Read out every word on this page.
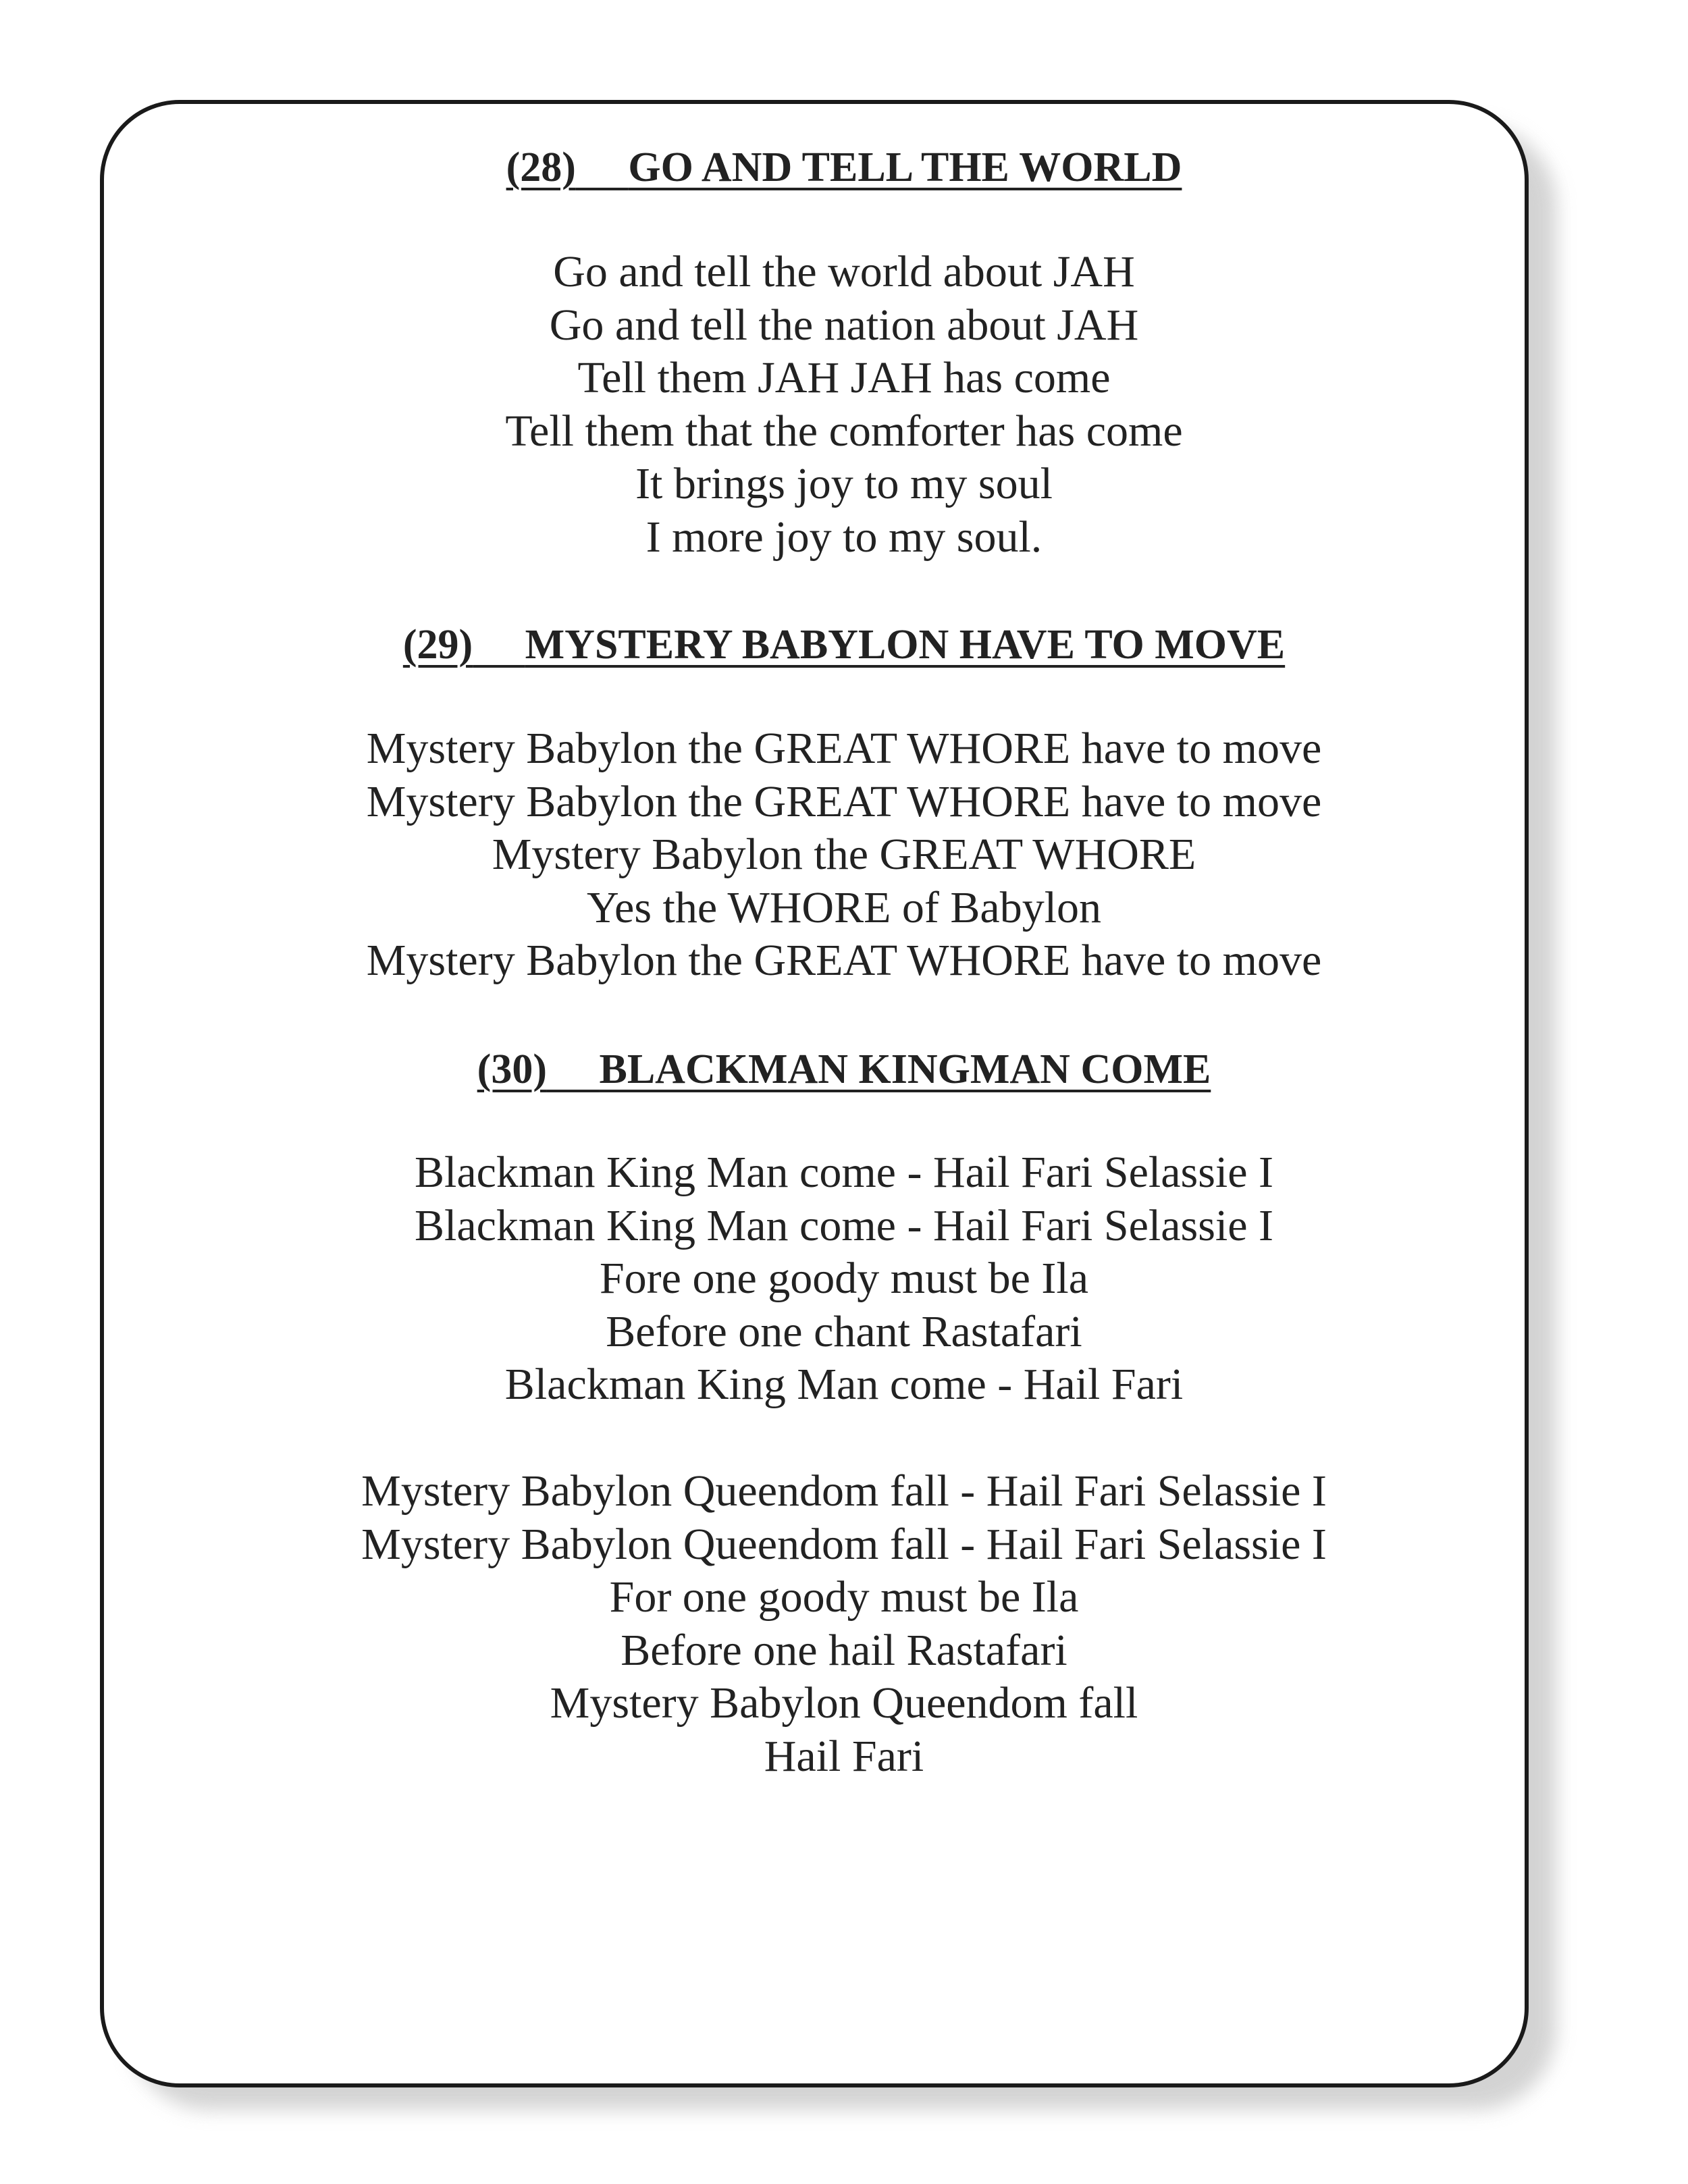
(28) GO AND TELL THE WORLD
Go and tell the world about JAH
Go and tell the nation about JAH
Tell them JAH JAH has come
Tell them that the comforter has come
It brings joy to my soul
I more joy to my soul.
(29) MYSTERY BABYLON HAVE TO MOVE
Mystery Babylon the GREAT WHORE have to move
Mystery Babylon the GREAT WHORE have to move
Mystery Babylon the GREAT WHORE
Yes the WHORE of Babylon
Mystery Babylon the GREAT WHORE have to move
(30) BLACKMAN KINGMAN COME
Blackman King Man come - Hail Fari Selassie I
Blackman King Man come - Hail Fari Selassie I
Fore one goody must be Ila
Before one chant Rastafari
Blackman King Man come - Hail Fari
Mystery Babylon Queendom fall - Hail Fari Selassie I
Mystery Babylon Queendom fall - Hail Fari Selassie I
For one goody must be Ila
Before one hail Rastafari
Mystery Babylon Queendom fall
Hail Fari
